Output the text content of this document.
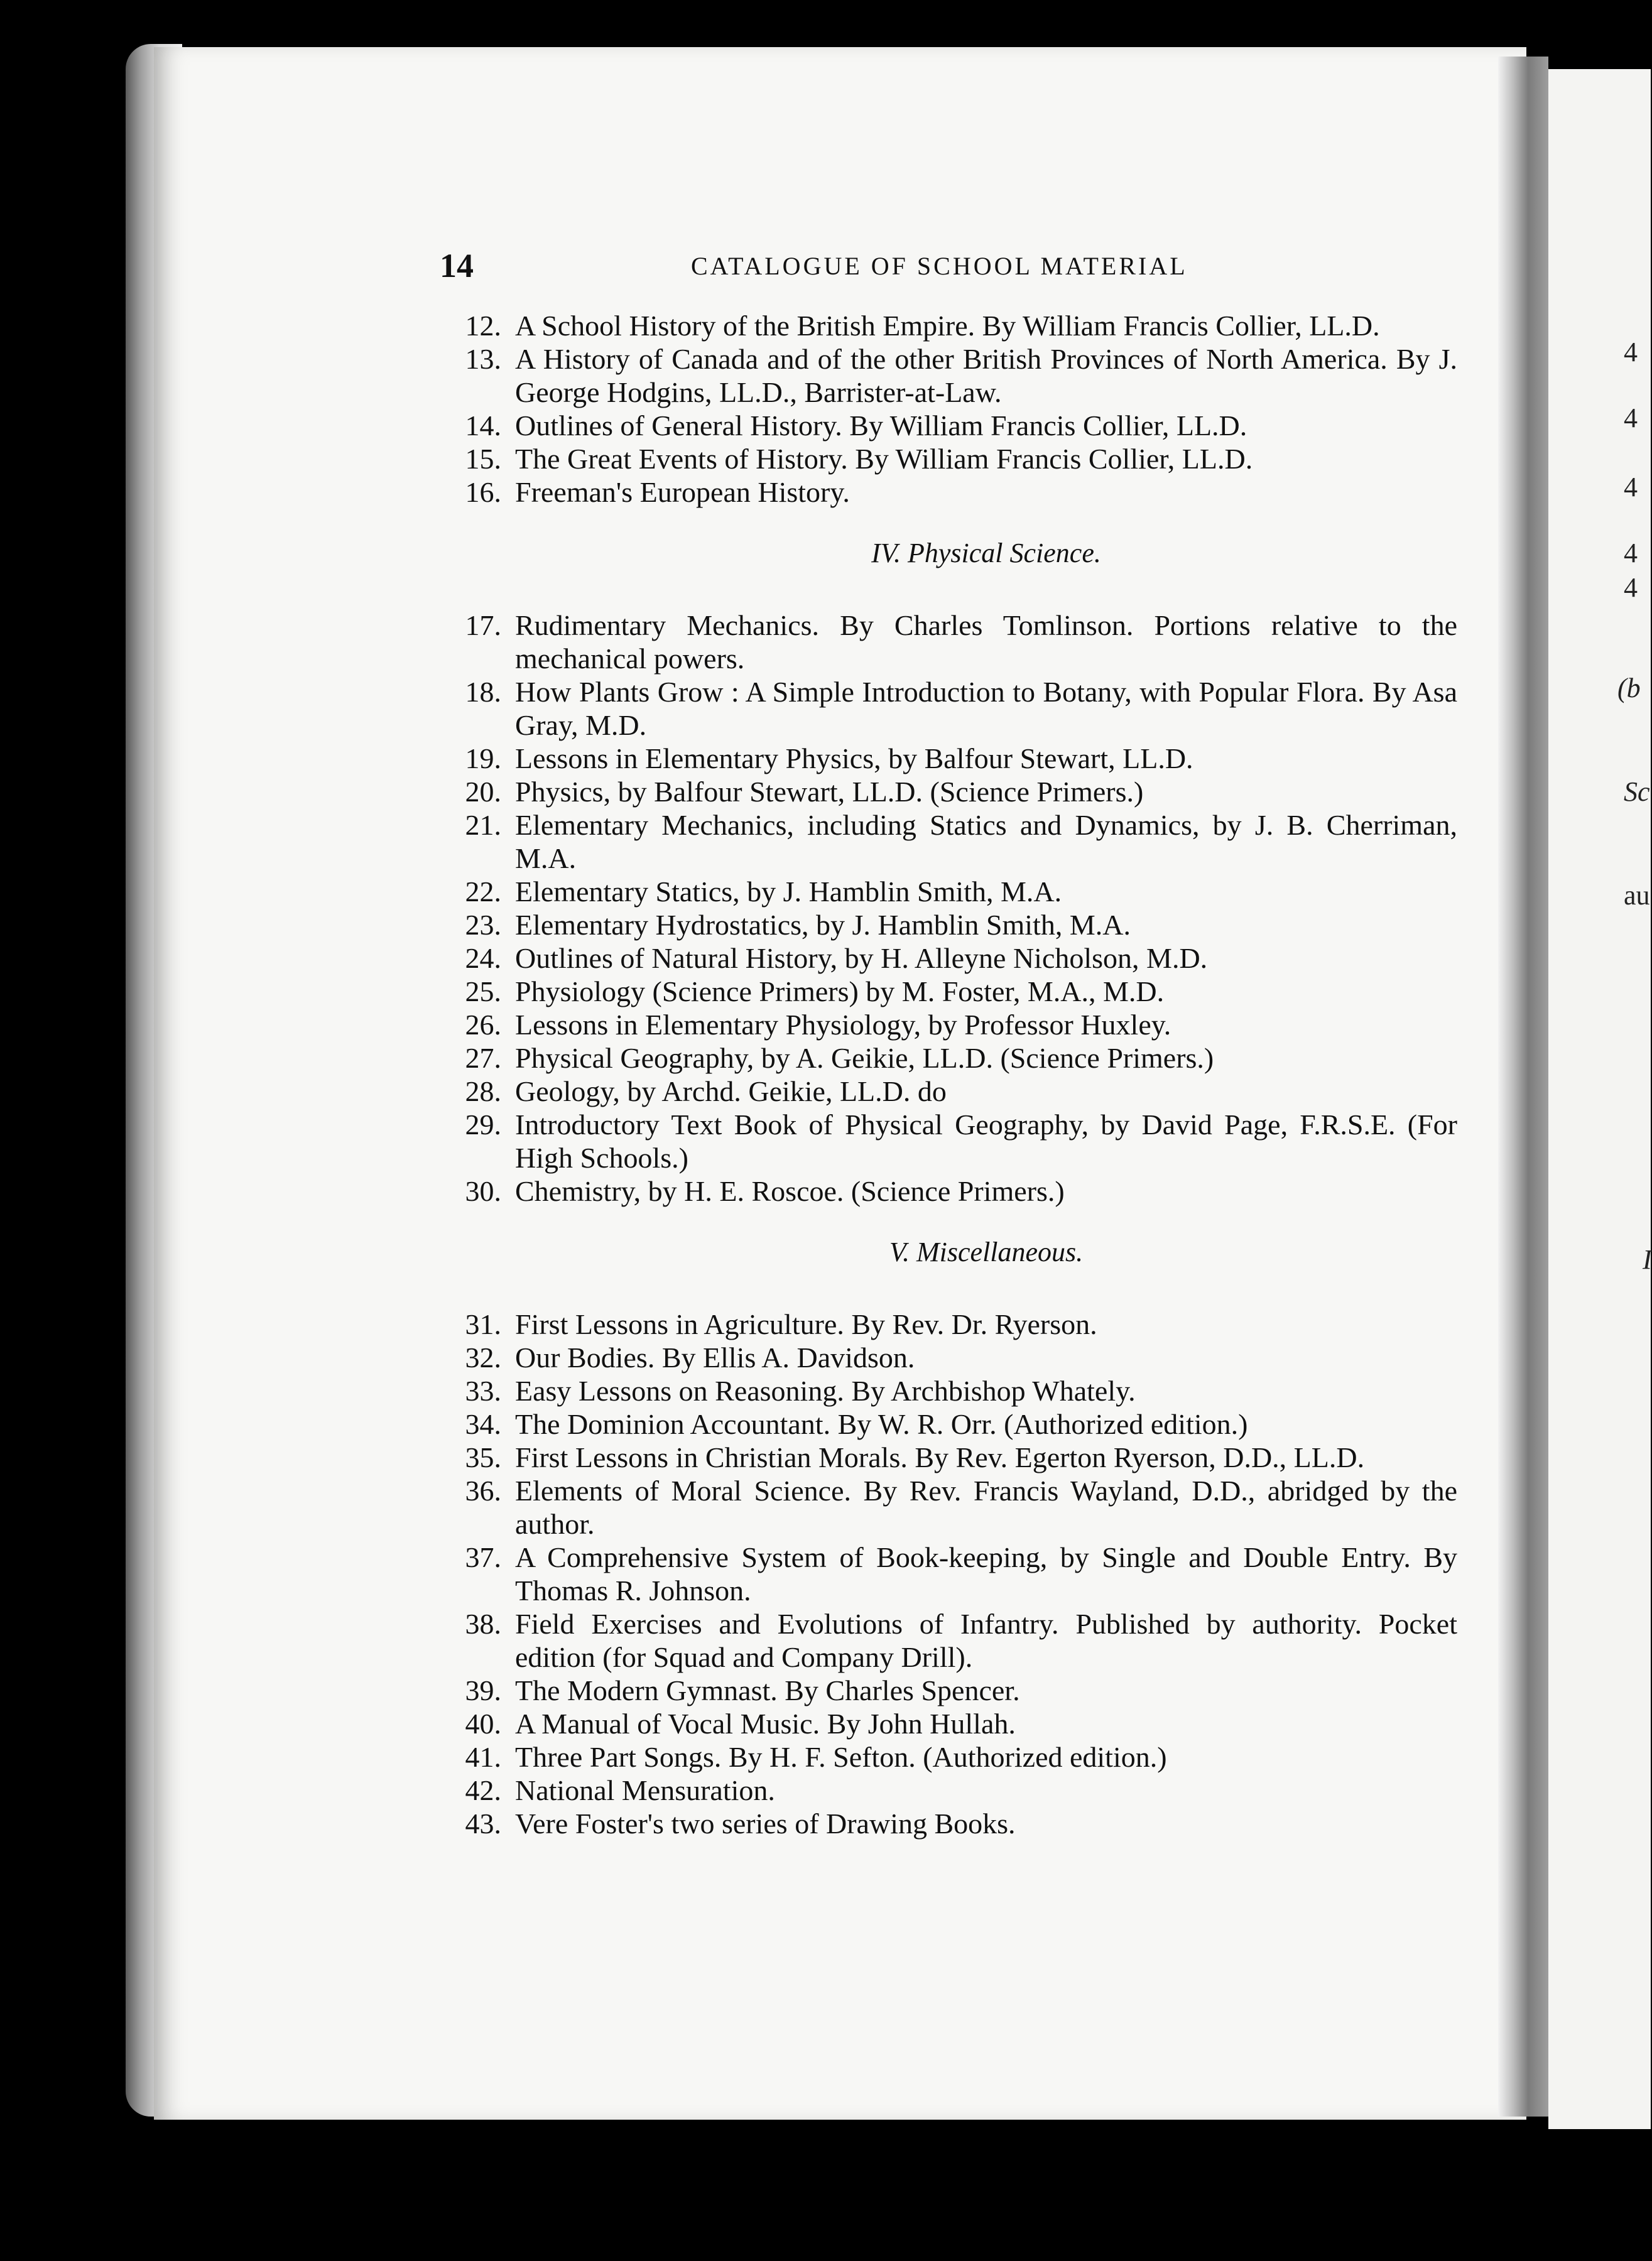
4
4
4
4
4
(b
Sc
au
I
14	CATALOGUE OF SCHOOL MATERIAL
12. A School History of the British Empire. By William Francis Collier, LL.D.
13. A History of Canada and of the other British Provinces of North America. By J. George Hodgins, LL.D., Barrister-at-Law.
14. Outlines of General History. By William Francis Collier, LL.D.
15. The Great Events of History. By William Francis Collier, LL.D.
16. Freeman's European History.
IV. Physical Science.
17. Rudimentary Mechanics. By Charles Tomlinson. Portions relative to the mechanical powers.
18. How Plants Grow : A Simple Introduction to Botany, with Popular Flora. By Asa Gray, M.D.
19. Lessons in Elementary Physics, by Balfour Stewart, LL.D.
20. Physics, by Balfour Stewart, LL.D. (Science Primers.)
21. Elementary Mechanics, including Statics and Dynamics, by J. B. Cherriman, M.A.
22. Elementary Statics, by J. Hamblin Smith, M.A.
23. Elementary Hydrostatics, by J. Hamblin Smith, M.A.
24. Outlines of Natural History, by H. Alleyne Nicholson, M.D.
25. Physiology (Science Primers) by M. Foster, M.A., M.D.
26. Lessons in Elementary Physiology, by Professor Huxley.
27. Physical Geography, by A. Geikie, LL.D. (Science Primers.)
28. Geology, by Archd. Geikie, LL.D. do
29. Introductory Text Book of Physical Geography, by David Page, F.R.S.E. (For High Schools.)
30. Chemistry, by H. E. Roscoe. (Science Primers.)
V. Miscellaneous.
31. First Lessons in Agriculture. By Rev. Dr. Ryerson.
32. Our Bodies. By Ellis A. Davidson.
33. Easy Lessons on Reasoning. By Archbishop Whately.
34. The Dominion Accountant. By W. R. Orr. (Authorized edition.)
35. First Lessons in Christian Morals. By Rev. Egerton Ryerson, D.D., LL.D.
36. Elements of Moral Science. By Rev. Francis Wayland, D.D., abridged by the author.
37. A Comprehensive System of Book-keeping, by Single and Double Entry. By Thomas R. Johnson.
38. Field Exercises and Evolutions of Infantry. Published by authority. Pocket edition (for Squad and Company Drill).
39. The Modern Gymnast. By Charles Spencer.
40. A Manual of Vocal Music. By John Hullah.
41. Three Part Songs. By H. F. Sefton. (Authorized edition.)
42. National Mensuration.
43. Vere Foster's two series of Drawing Books.
